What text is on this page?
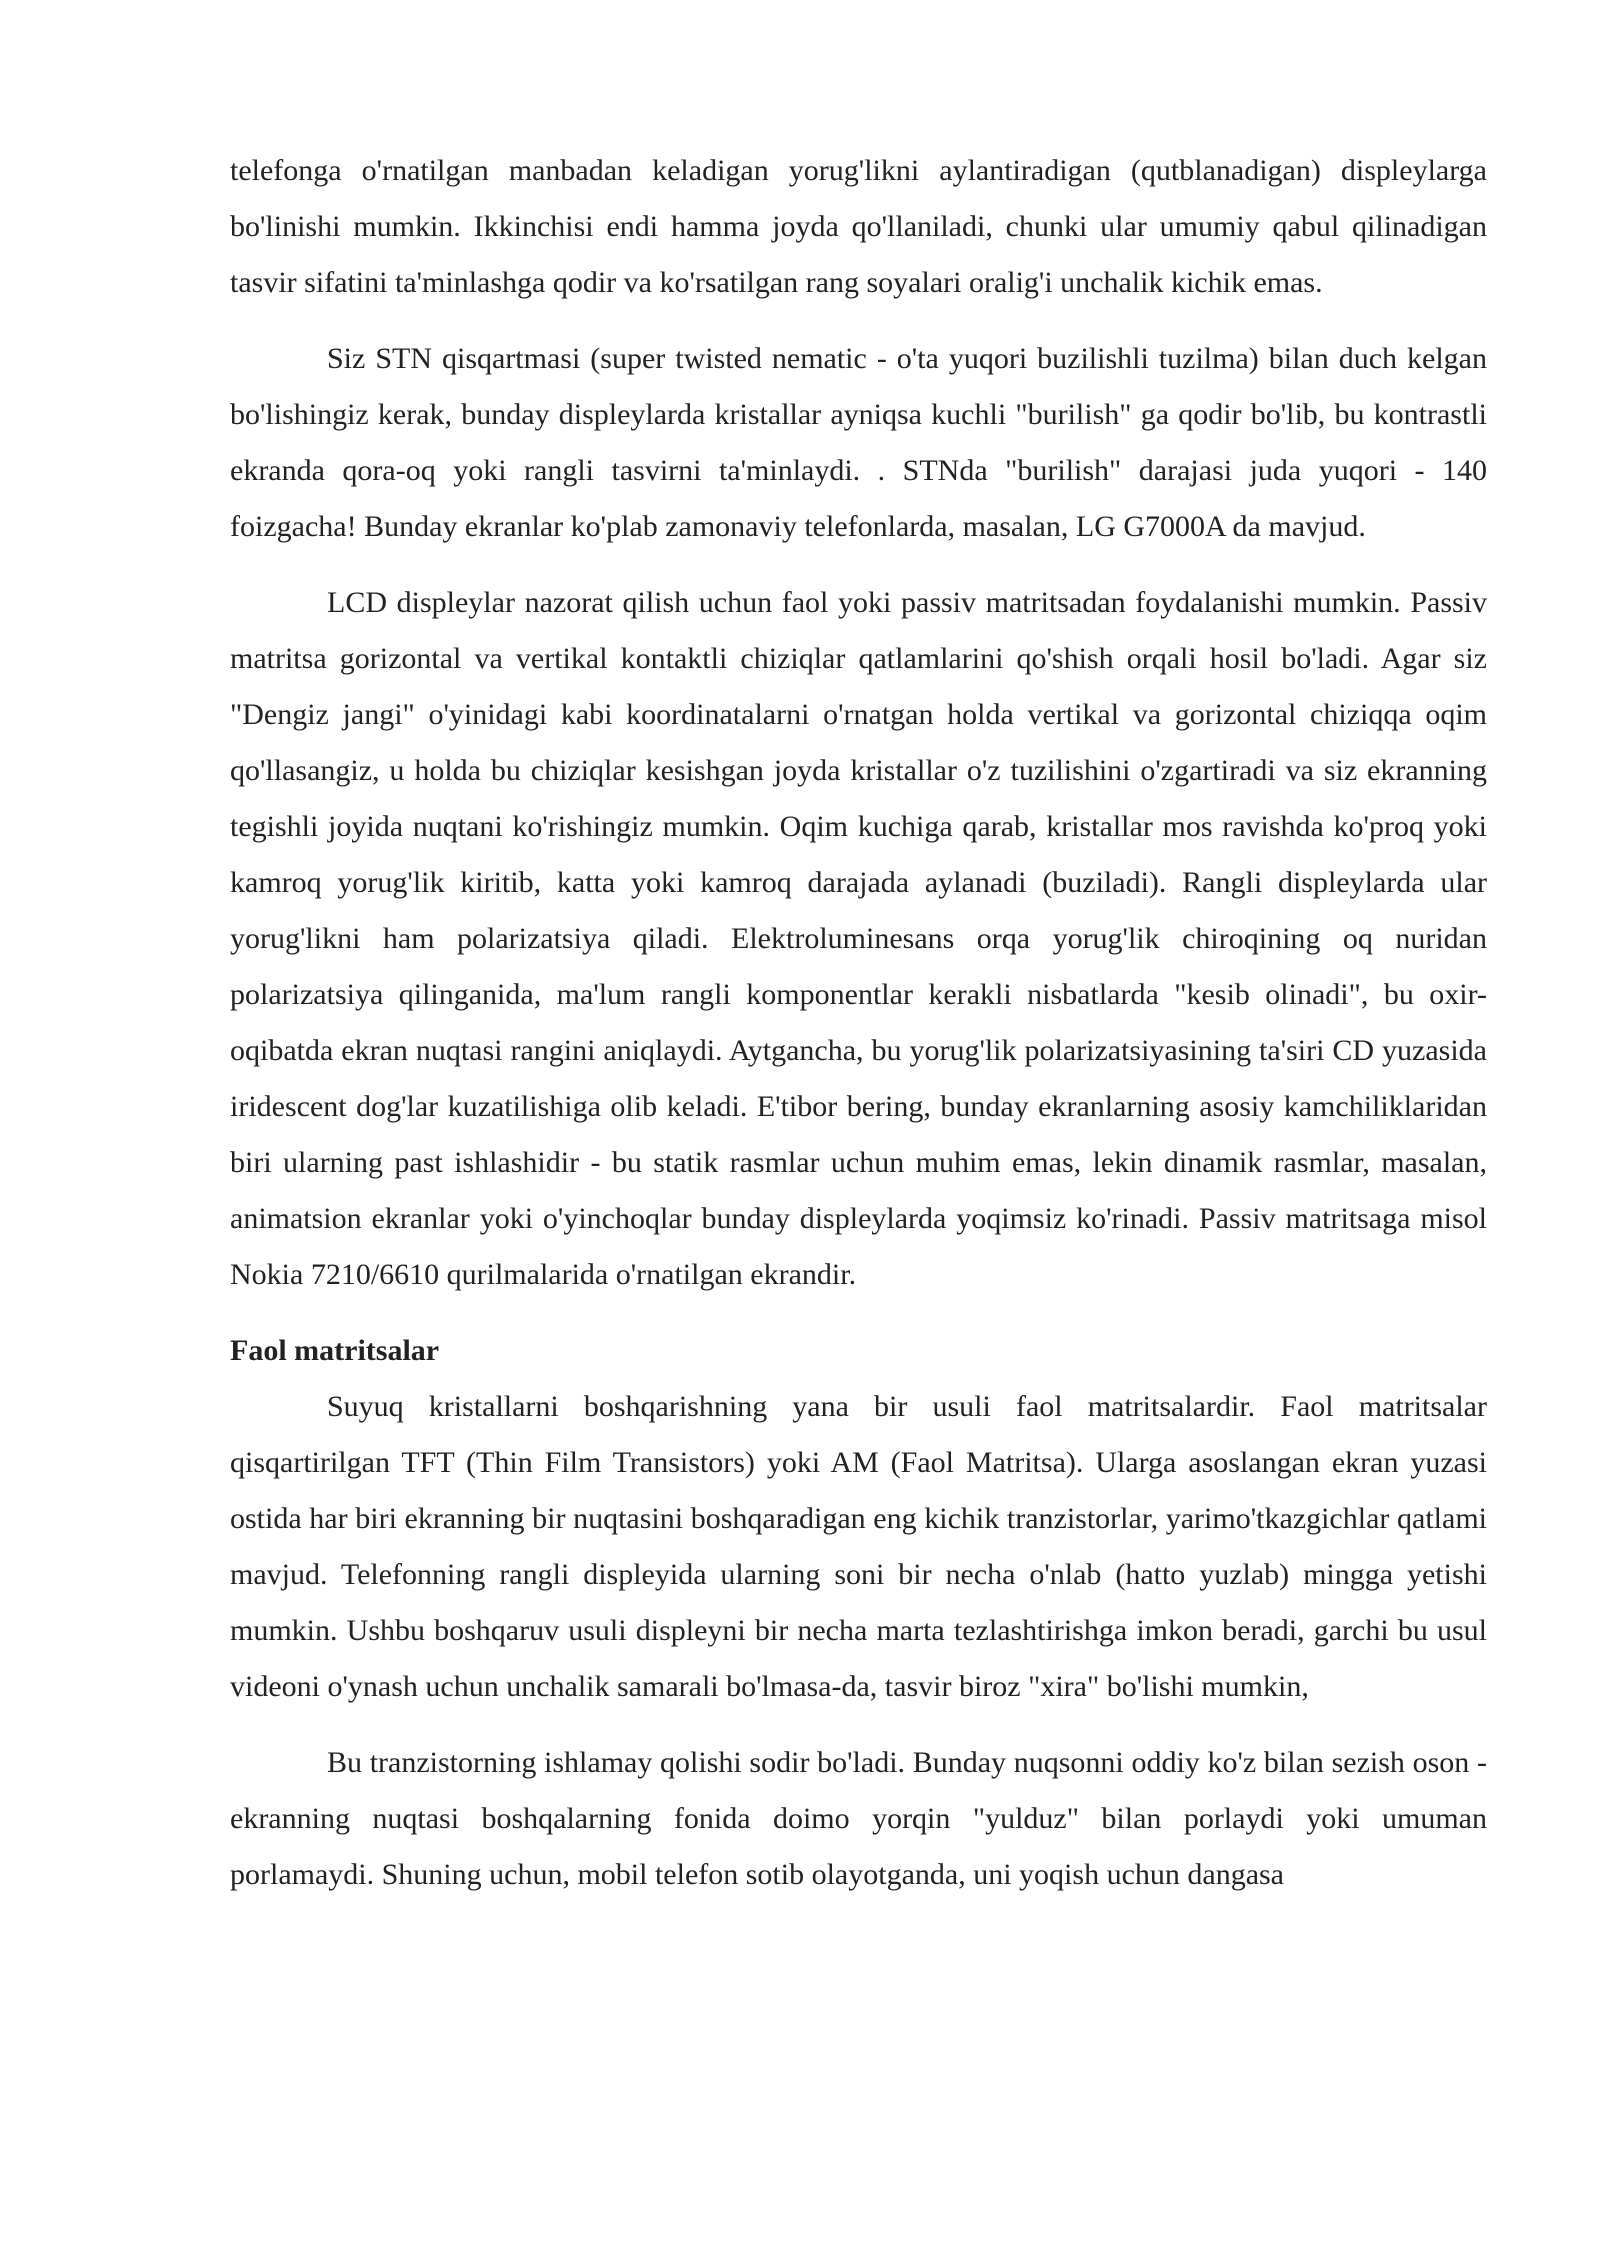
telefonga o'rnatilgan manbadan keladigan yorug'likni aylantiradigan (qutblanadigan) displeylarga bo'linishi mumkin. Ikkinchisi endi hamma joyda qo'llaniladi, chunki ular umumiy qabul qilinadigan tasvir sifatini ta'minlashga qodir va ko'rsatilgan rang soyalari oralig'i unchalik kichik emas.

Siz STN qisqartmasi (super twisted nematic - o'ta yuqori buzilishli tuzilma) bilan duch kelgan bo'lishingiz kerak, bunday displeylarda kristallar ayniqsa kuchli "burilish" ga qodir bo'lib, bu kontrastli ekranda qora-oq yoki rangli tasvirni ta'minlaydi. . STNda "burilish" darajasi juda yuqori - 140 foizgacha! Bunday ekranlar ko'plab zamonaviy telefonlarda, masalan, LG G7000A da mavjud.

LCD displeylar nazorat qilish uchun faol yoki passiv matritsadan foydalanishi mumkin. Passiv matritsa gorizontal va vertikal kontaktli chiziqlar qatlamlarini qo'shish orqali hosil bo'ladi. Agar siz "Dengiz jangi" o'yinidagi kabi koordinatalarni o'rnatgan holda vertikal va gorizontal chiziqqa oqim qo'llasangiz, u holda bu chiziqlar kesishgan joyda kristallar o'z tuzilishini o'zgartiradi va siz ekranning tegishli joyida nuqtani ko'rishingiz mumkin. Oqim kuchiga qarab, kristallar mos ravishda ko'proq yoki kamroq yorug'lik kiritib, katta yoki kamroq darajada aylanadi (buziladi). Rangli displeylarda ular yorug'likni ham polarizatsiya qiladi. Elektroluminesans orqa yorug'lik chiroqining oq nuridan polarizatsiya qilinganida, ma'lum rangli komponentlar kerakli nisbatlarda "kesib olinadi", bu oxir-oqibatda ekran nuqtasi rangini aniqlaydi. Aytgancha, bu yorug'lik polarizatsiyasining ta'siri CD yuzasida iridescent dog'lar kuzatilishiga olib keladi. E'tibor bering, bunday ekranlarning asosiy kamchiliklaridan biri ularning past ishlashidir - bu statik rasmlar uchun muhim emas, lekin dinamik rasmlar, masalan, animatsion ekranlar yoki o'yinchoqlar bunday displeylarda yoqimsiz ko'rinadi. Passiv matritsaga misol Nokia 7210/6610 qurilmalarida o'rnatilgan ekrandir.

Faol matritsalar

Suyuq kristallarni boshqarishning yana bir usuli faol matritsalardir. Faol matritsalar qisqartirilgan TFT (Thin Film Transistors) yoki AM (Faol Matritsa). Ularga asoslangan ekran yuzasi ostida har biri ekranning bir nuqtasini boshqaradigan eng kichik tranzistorlar, yarimo'tkazgichlar qatlami mavjud. Telefonning rangli displeyida ularning soni bir necha o'nlab (hatto yuzlab) mingga yetishi mumkin. Ushbu boshqaruv usuli displeyni bir necha marta tezlashtirishga imkon beradi, garchi bu usul videoni o'ynash uchun unchalik samarali bo'lmasa-da, tasvir biroz "xira" bo'lishi mumkin,

Bu tranzistorning ishlamay qolishi sodir bo'ladi. Bunday nuqsonni oddiy ko'z bilan sezish oson - ekranning nuqtasi boshqalarning fonida doimo yorqin "yulduz" bilan porlaydi yoki umuman porlamaydi. Shuning uchun, mobil telefon sotib olayotganda, uni yoqish uchun dangasa
